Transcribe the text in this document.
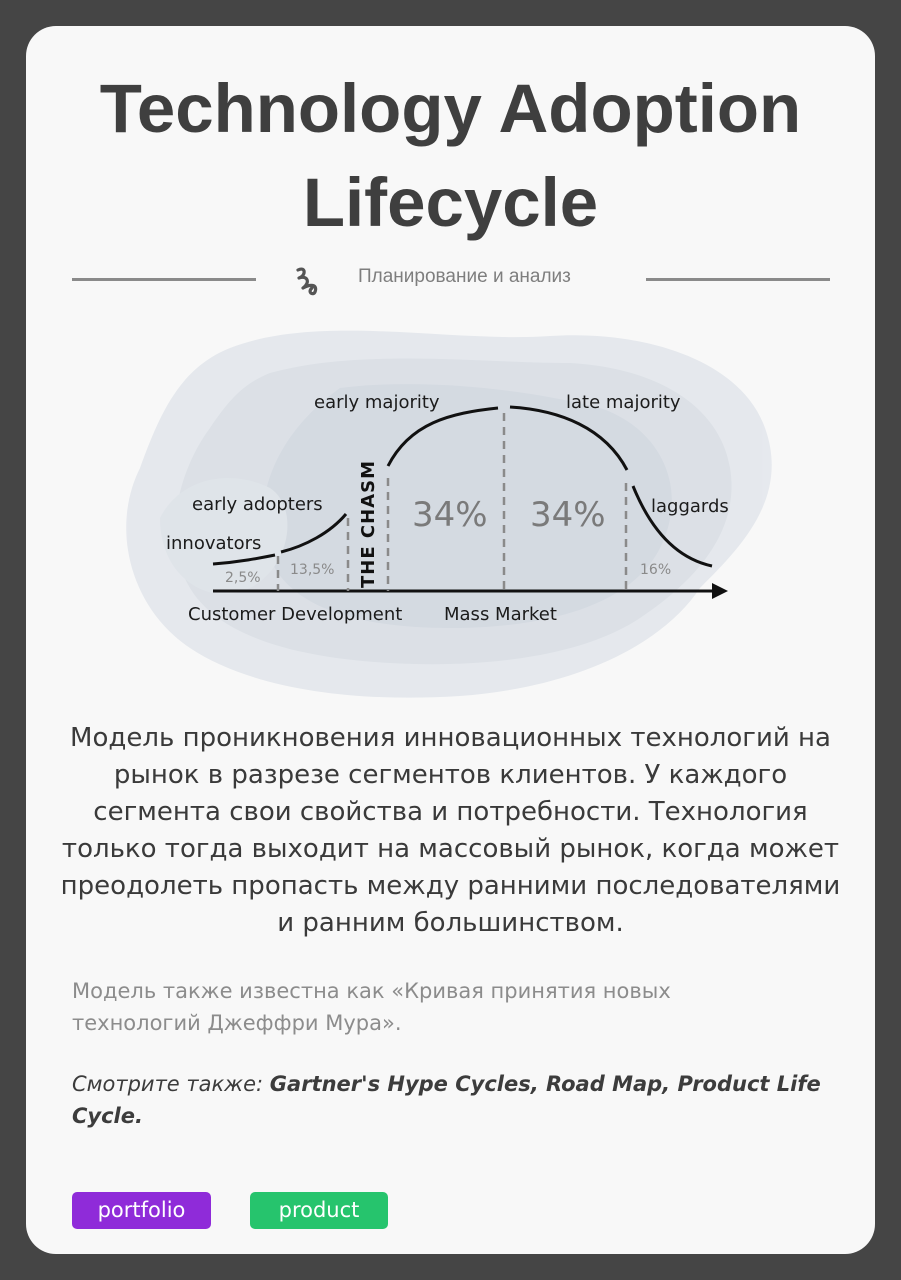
Technology Adoption
Lifecycle
Планирование и анализ
innovators
early adopters
early majority	late majority
laggards
2,5% 13,5%
34% 34%
16%
THE CHASM
Customer Development Mass Market
Модель проникновения инновационных технологий на рынок в разрезе сегментов клиентов. У каждого сегмента свои свойства и потребности. Технология только тогда выходит на массовый рынок, когда может преодолеть пропасть между ранними последователями и ранним большинством.
Модель также известна как «Кривая принятия новых технологий Джеффри Мура».
Смотрите также: Gartner's Hype Cycles, Road Map, Product Life Cycle.
portfolio	product
